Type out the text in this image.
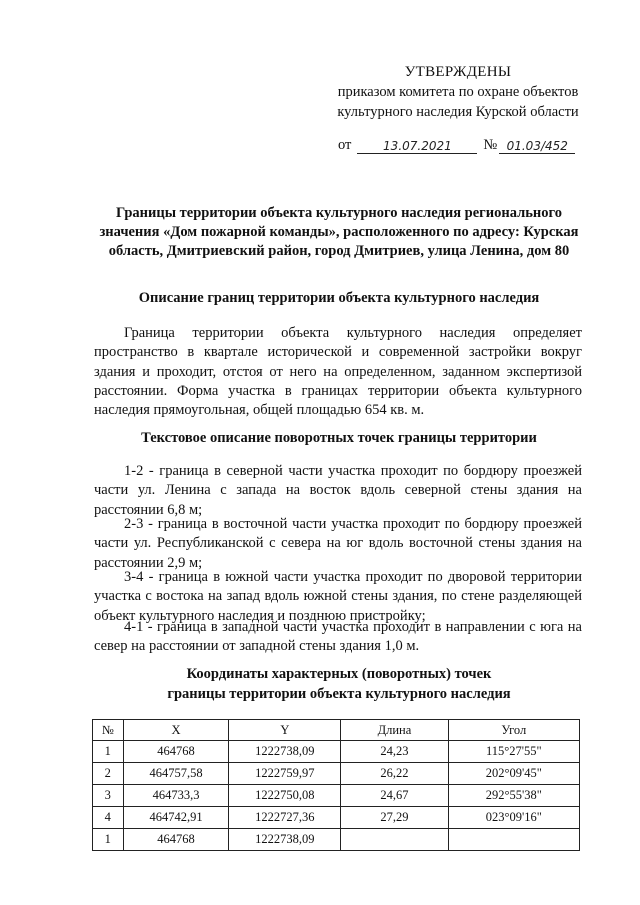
УТВЕРЖДЕНЫ
приказом комитета по охране объектов
культурного наследия Курской области
от	13.07.2021	№ 01.03/452
Границы территории объекта культурного наследия регионального значения «Дом пожарной команды», расположенного по адресу: Курская область, Дмитриевский район, город Дмитриев, улица Ленина, дом 80
Описание границ территории объекта культурного наследия

Граница территории объекта культурного наследия определяет пространство в квартале исторической и современной застройки вокруг здания и проходит, отстоя от него на определенном, заданном экспертизой расстоянии. Форма участка в границах территории объекта культурного наследия прямоугольная, общей площадью 654 кв. м.

Текстовое описание поворотных точек границы территории

1-2 - граница в северной части участка проходит по бордюру проезжей части ул. Ленина с запада на восток вдоль северной стены здания на расстоянии 6,8 м;

2-3 - граница в восточной части участка проходит по бордюру проезжей части ул. Республиканской с севера на юг вдоль восточной стены здания на расстоянии 2,9 м;

3-4 - граница в южной части участка проходит по дворовой территории участка с востока на запад вдоль южной стены здания, по стене разделяющей объект культурного наследия и позднюю пристройку;

4-1 - граница в западной части участка проходит в направлении с юга на север на расстоянии от западной стены здания 1,0 м.

Координаты характерных (поворотных) точек
границы территории объекта культурного наследия
№	X	Y	Длина	Угол
1	464768	1222738,09	24,23	115°27'55"
2	464757,58	1222759,97	26,22	202°09'45"
3	464733,3	1222750,08	24,67	292°55'38"
4	464742,91	1222727,36	27,29	023°09'16"
1	464768	1222738,09		
